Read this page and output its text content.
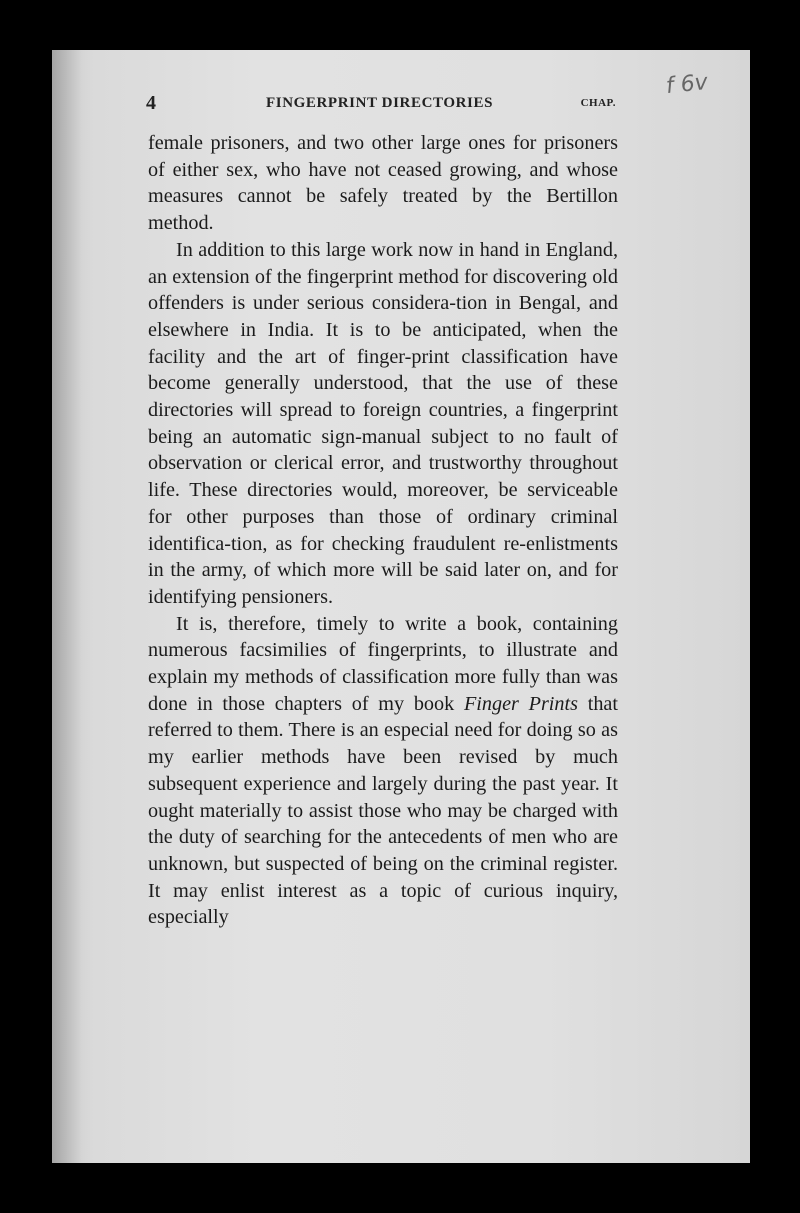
f 6v
4	FINGERPRINT DIRECTORIES	CHAP.

female prisoners, and two other large ones for prisoners of either sex, who have not ceased growing, and whose measures cannot be safely treated by the Bertillon method.

In addition to this large work now in hand in England, an extension of the fingerprint method for discovering old offenders is under serious considera-tion in Bengal, and elsewhere in India. It is to be anticipated, when the facility and the art of finger-print classification have become generally understood, that the use of these directories will spread to foreign countries, a fingerprint being an automatic sign-manual subject to no fault of observation or clerical error, and trustworthy throughout life. These directories would, moreover, be serviceable for other purposes than those of ordinary criminal identifica-tion, as for checking fraudulent re-enlistments in the army, of which more will be said later on, and for identifying pensioners.

It is, therefore, timely to write a book, containing numerous facsimilies of fingerprints, to illustrate and explain my methods of classification more fully than was done in those chapters of my book Finger Prints that referred to them. There is an especial need for doing so as my earlier methods have been revised by much subsequent experience and largely during the past year. It ought materially to assist those who may be charged with the duty of searching for the antecedents of men who are unknown, but suspected of being on the criminal register. It may enlist interest as a topic of curious inquiry, especially
